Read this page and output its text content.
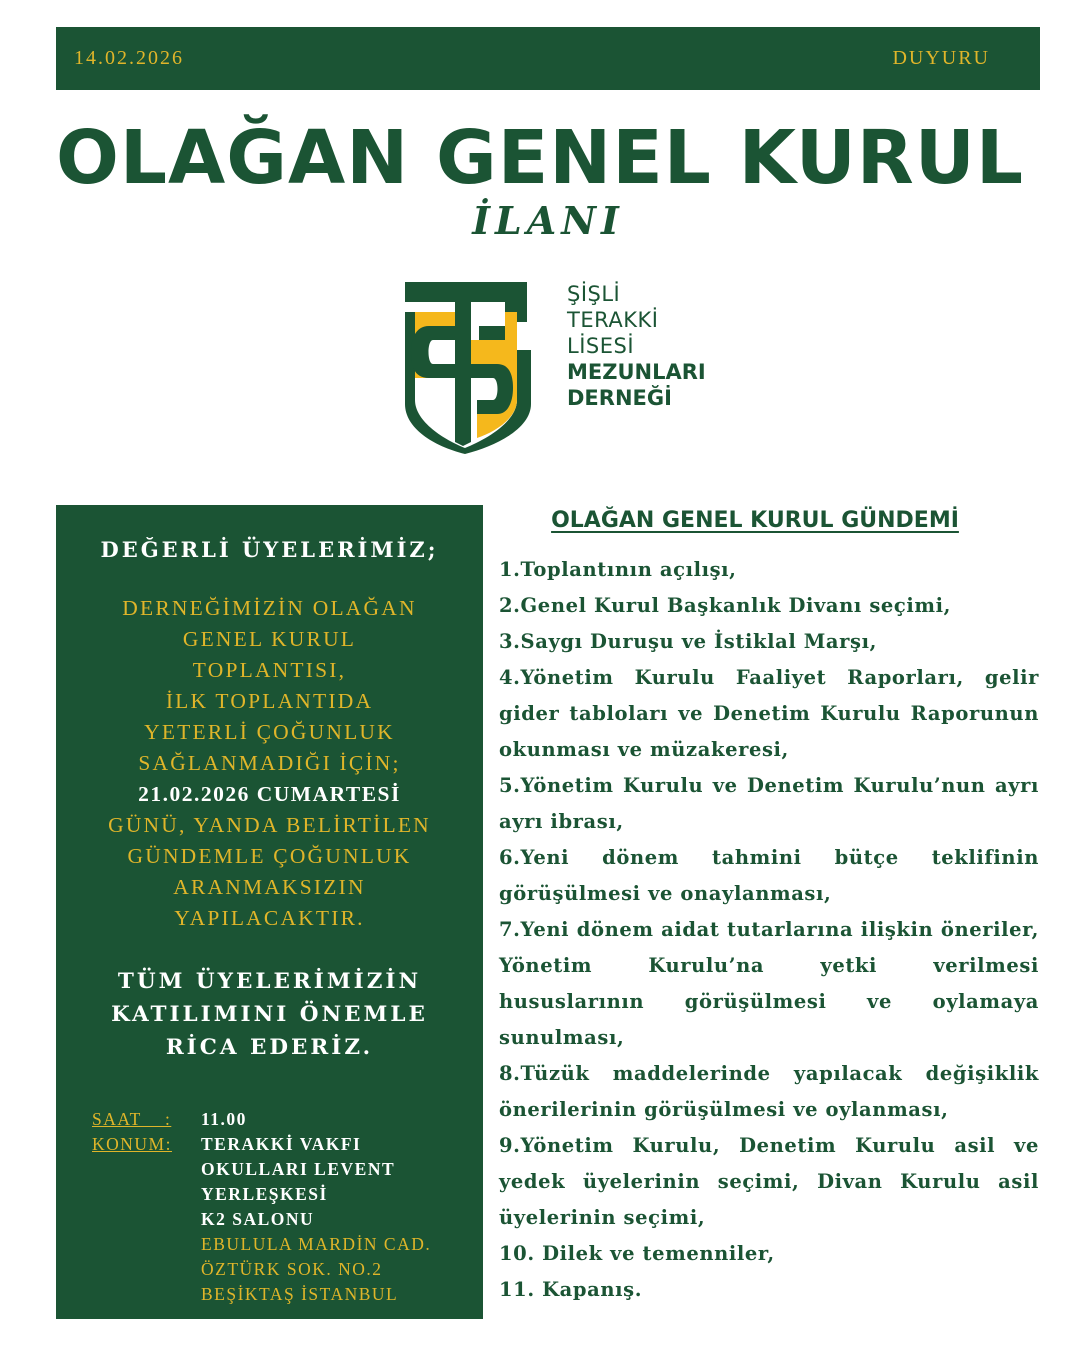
14.02.2026	DUYURU
OLAĞAN GENEL KURUL
İLANI
ŞİŞLİ
TERAKKİ
LİSESİ
MEZUNLARI
DERNEĞİ
DEĞERLİ ÜYELERİMİZ;
DERNEĞİMİZİN OLAĞAN
GENEL KURUL
TOPLANTISI,
İLK TOPLANTIDA
YETERLİ ÇOĞUNLUK
SAĞLANMADIĞI İÇİN;
21.02.2026 CUMARTESİ
GÜNÜ, YANDA BELİRTİLEN
GÜNDEMLE ÇOĞUNLUK
ARANMAKSIZIN
YAPILACAKTIR.
TÜM ÜYELERİMİZİN
KATILIMINI ÖNEMLE
RİCA EDERİZ.
SAAT    : 11.00
KONUM: TERAKKİ VAKFI
OKULLARI LEVENT
YERLEŞKESİ
K2 SALONU
EBULULA MARDİN CAD.
ÖZTÜRK SOK. NO.2
BEŞİKTAŞ İSTANBUL
OLAĞAN GENEL KURUL GÜNDEMİ
1.Toplantının açılışı,
2.Genel Kurul Başkanlık Divanı seçimi,
3.Saygı Duruşu ve İstiklal Marşı,
4.Yönetim Kurulu Faaliyet Raporları, gelir gider tabloları ve Denetim Kurulu Raporunun okunması ve müzakeresi,
5.Yönetim Kurulu ve Denetim Kurulu’nun ayrı ayrı ibrası,
6.Yeni dönem tahmini bütçe teklifinin görüşülmesi ve onaylanması,
7.Yeni dönem aidat tutarlarına ilişkin öneriler, Yönetim Kurulu’na yetki verilmesi hususlarının görüşülmesi ve oylamaya sunulması,
8.Tüzük maddelerinde yapılacak değişiklik önerilerinin görüşülmesi ve oylanması,
9.Yönetim Kurulu, Denetim Kurulu asil ve yedek üyelerinin seçimi, Divan Kurulu asil üyelerinin seçimi,
10. Dilek ve temenniler,
11. Kapanış.
